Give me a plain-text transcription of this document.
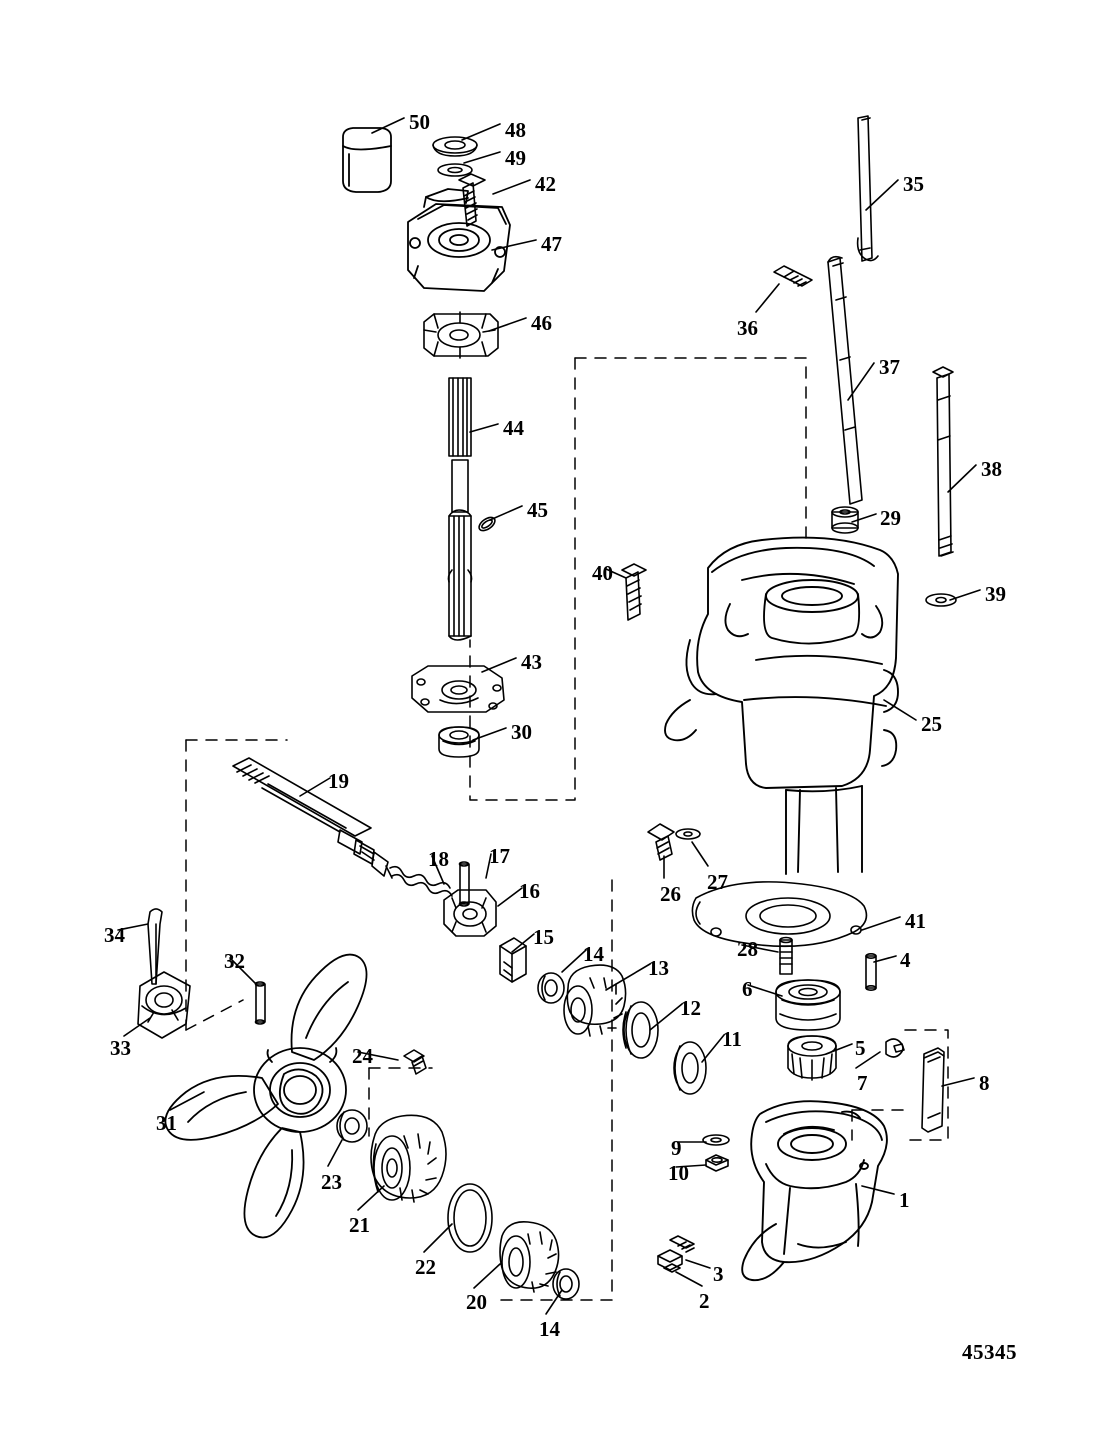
50	48
49
42
47
46
44
45
43
30
35
36
37
38
29
39
40
25
19
18 17
16
15
14
13
12
11
26 27
41
28	4
6
5
7	8
9
10
1
3
2
34
32
33	24
31
23
21
22
20
14
45345
